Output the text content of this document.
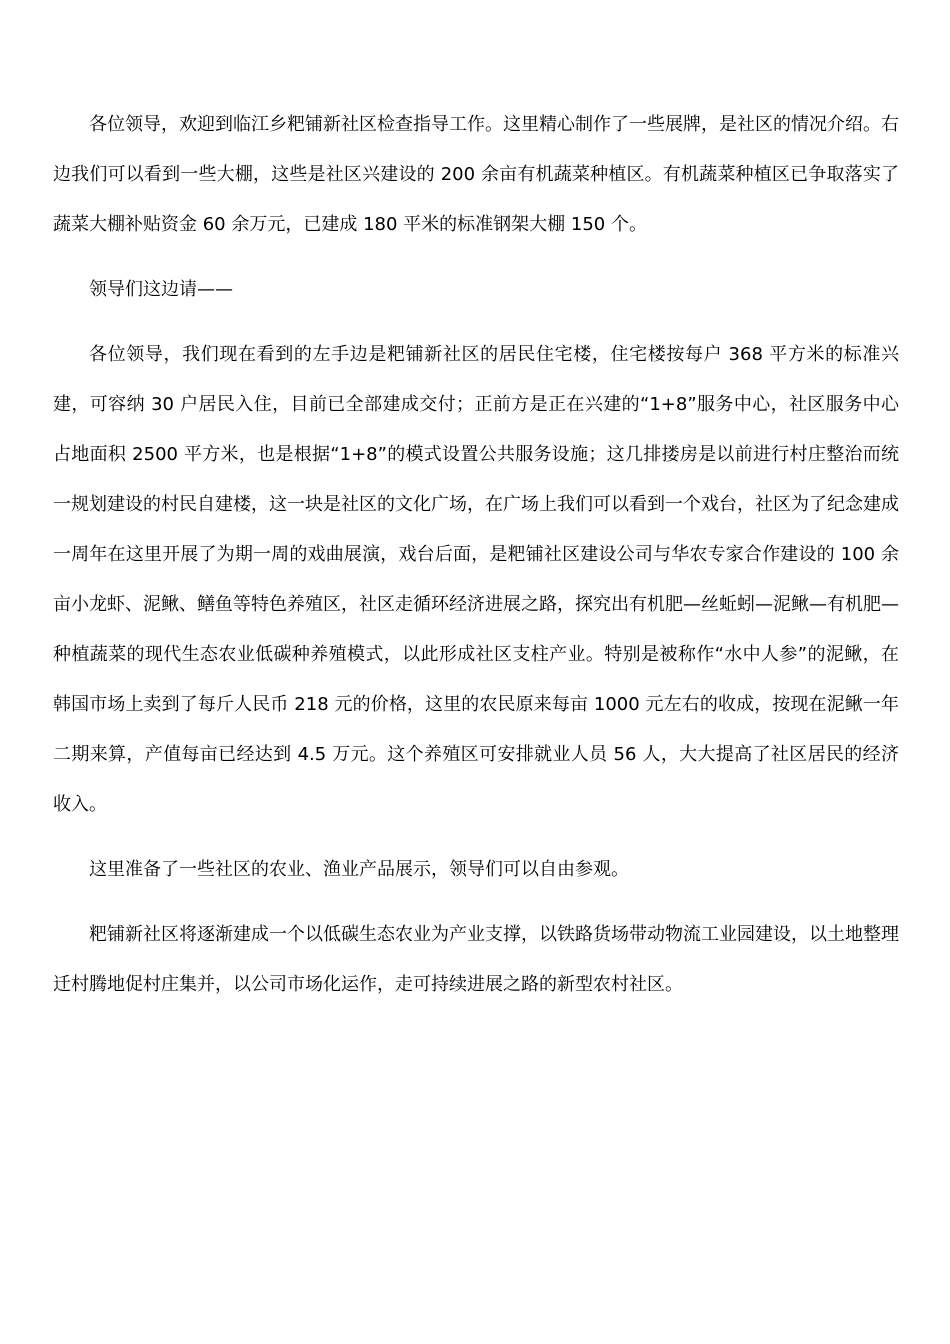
各位领导，欢迎到临江乡粑铺新社区检查指导工作。这里精心制作了一些展牌，是社区的情况介绍。右边我们可以看到一些大棚，这些是社区兴建设的 200 余亩有机蔬菜种植区。有机蔬菜种植区已争取落实了蔬菜大棚补贴资金 60 余万元，已建成 180 平米的标准钢架大棚 150 个。

领导们这边请——

各位领导，我们现在看到的左手边是粑铺新社区的居民住宅楼，住宅楼按每户 368 平方米的标准兴建，可容纳 30 户居民入住，目前已全部建成交付；正前方是正在兴建的“1+8”服务中心，社区服务中心占地面积 2500 平方米，也是根据“1+8”的模式设置公共服务设施；这几排搂房是以前进行村庄整治而统一规划建设的村民自建楼，这一块是社区的文化广场，在广场上我们可以看到一个戏台，社区为了纪念建成一周年在这里开展了为期一周的戏曲展演，戏台后面，是粑铺社区建设公司与华农专家合作建设的 100 余亩小龙虾、泥鳅、鳝鱼等特色养殖区，社区走循环经济进展之路，探究出有机肥—丝蚯蚓—泥鳅—有机肥—种植蔬菜的现代生态农业低碳种养殖模式，以此形成社区支柱产业。特别是被称作“水中人参”的泥鳅，在韩国市场上卖到了每斤人民币 218 元的价格，这里的农民原来每亩 1000 元左右的收成，按现在泥鳅一年二期来算，产值每亩已经达到 4.5 万元。这个养殖区可安排就业人员 56 人，大大提高了社区居民的经济收入。

这里准备了一些社区的农业、渔业产品展示，领导们可以自由参观。

粑铺新社区将逐渐建成一个以低碳生态农业为产业支撑，以铁路货场带动物流工业园建设，以土地整理迁村腾地促村庄集并，以公司市场化运作，走可持续进展之路的新型农村社区。
